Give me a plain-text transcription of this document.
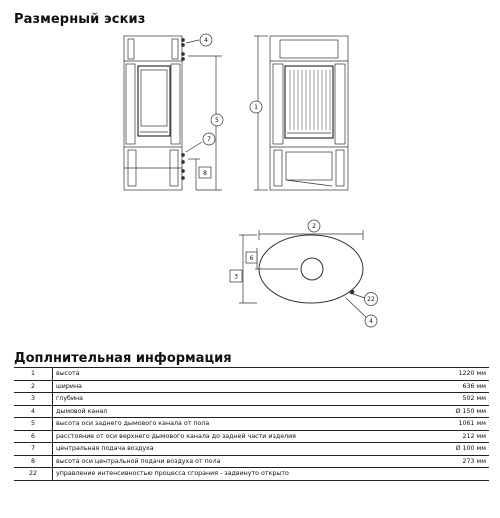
Размерный эскиз
4
5
7
8
1
2
6
3
22
4
Доплнительная информация
1	высота	1220 мм
2	ширина	636 мм
3	глубина	502 мм
4	дымовой канал	Ø 150 мм
5	высота оси заднего дымового канала от пола	1061 мм
6	расстояние от оси верхнего дымового канала до задней части изделия	212 мм
7	центральная подача воздуха	Ø 100 мм
8	высота оси центральной подачи воздуха от пола	273 мм
22	управление интенсивностью процесса сгорания - задвинуто открыто	
